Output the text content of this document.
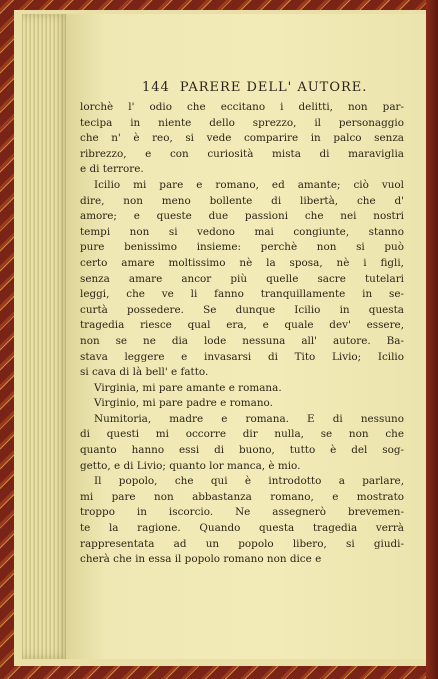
144 PARERE DELL' AUTORE.

lorchè l' odio che eccitano i delitti, non par-
tecipa in niente dello sprezzo, il personaggio
che n' è reo, si vede comparire in palco senza
ribrezzo, e con curiosità mista di maraviglia
e di terrore.

Icilio mi pare e romano, ed amante; ciò vuol
dire, non meno bollente di libertà, che d'
amore; e queste due passioni che nei nostri
tempi non si vedono mai congiunte, stanno
pure benissimo insieme: perchè non si può
certo amare moltissimo nè la sposa, nè i figli,
senza amare ancor più quelle sacre tutelari
leggi, che ve li fanno tranquillamente in se-
curtà possedere. Se dunque Icilio in questa
tragedia riesce qual era, e quale dev' essere,
non se ne dia lode nessuna all' autore. Ba-
stava leggere e invasarsi di Tito Livio; Icilio
si cava di là bell' e fatto.

Virginia, mi pare amante e romana.

Virginio, mi pare padre e romano.

Numitoria, madre e romana. E di nessuno
di questi mi occorre dir nulla, se non che
quanto hanno essi di buono, tutto è del sog-
getto, e di Livio; quanto lor manca, è mio.

Il popolo, che qui è introdotto a parlare,
mi pare non abbastanza romano, e mostrato
troppo in iscorcio. Ne assegnerò brevemen-
te la ragione. Quando questa tragedia verrà
rappresentata ad un popolo libero, si giudi-
cherà che in essa il popolo romano non dice e
